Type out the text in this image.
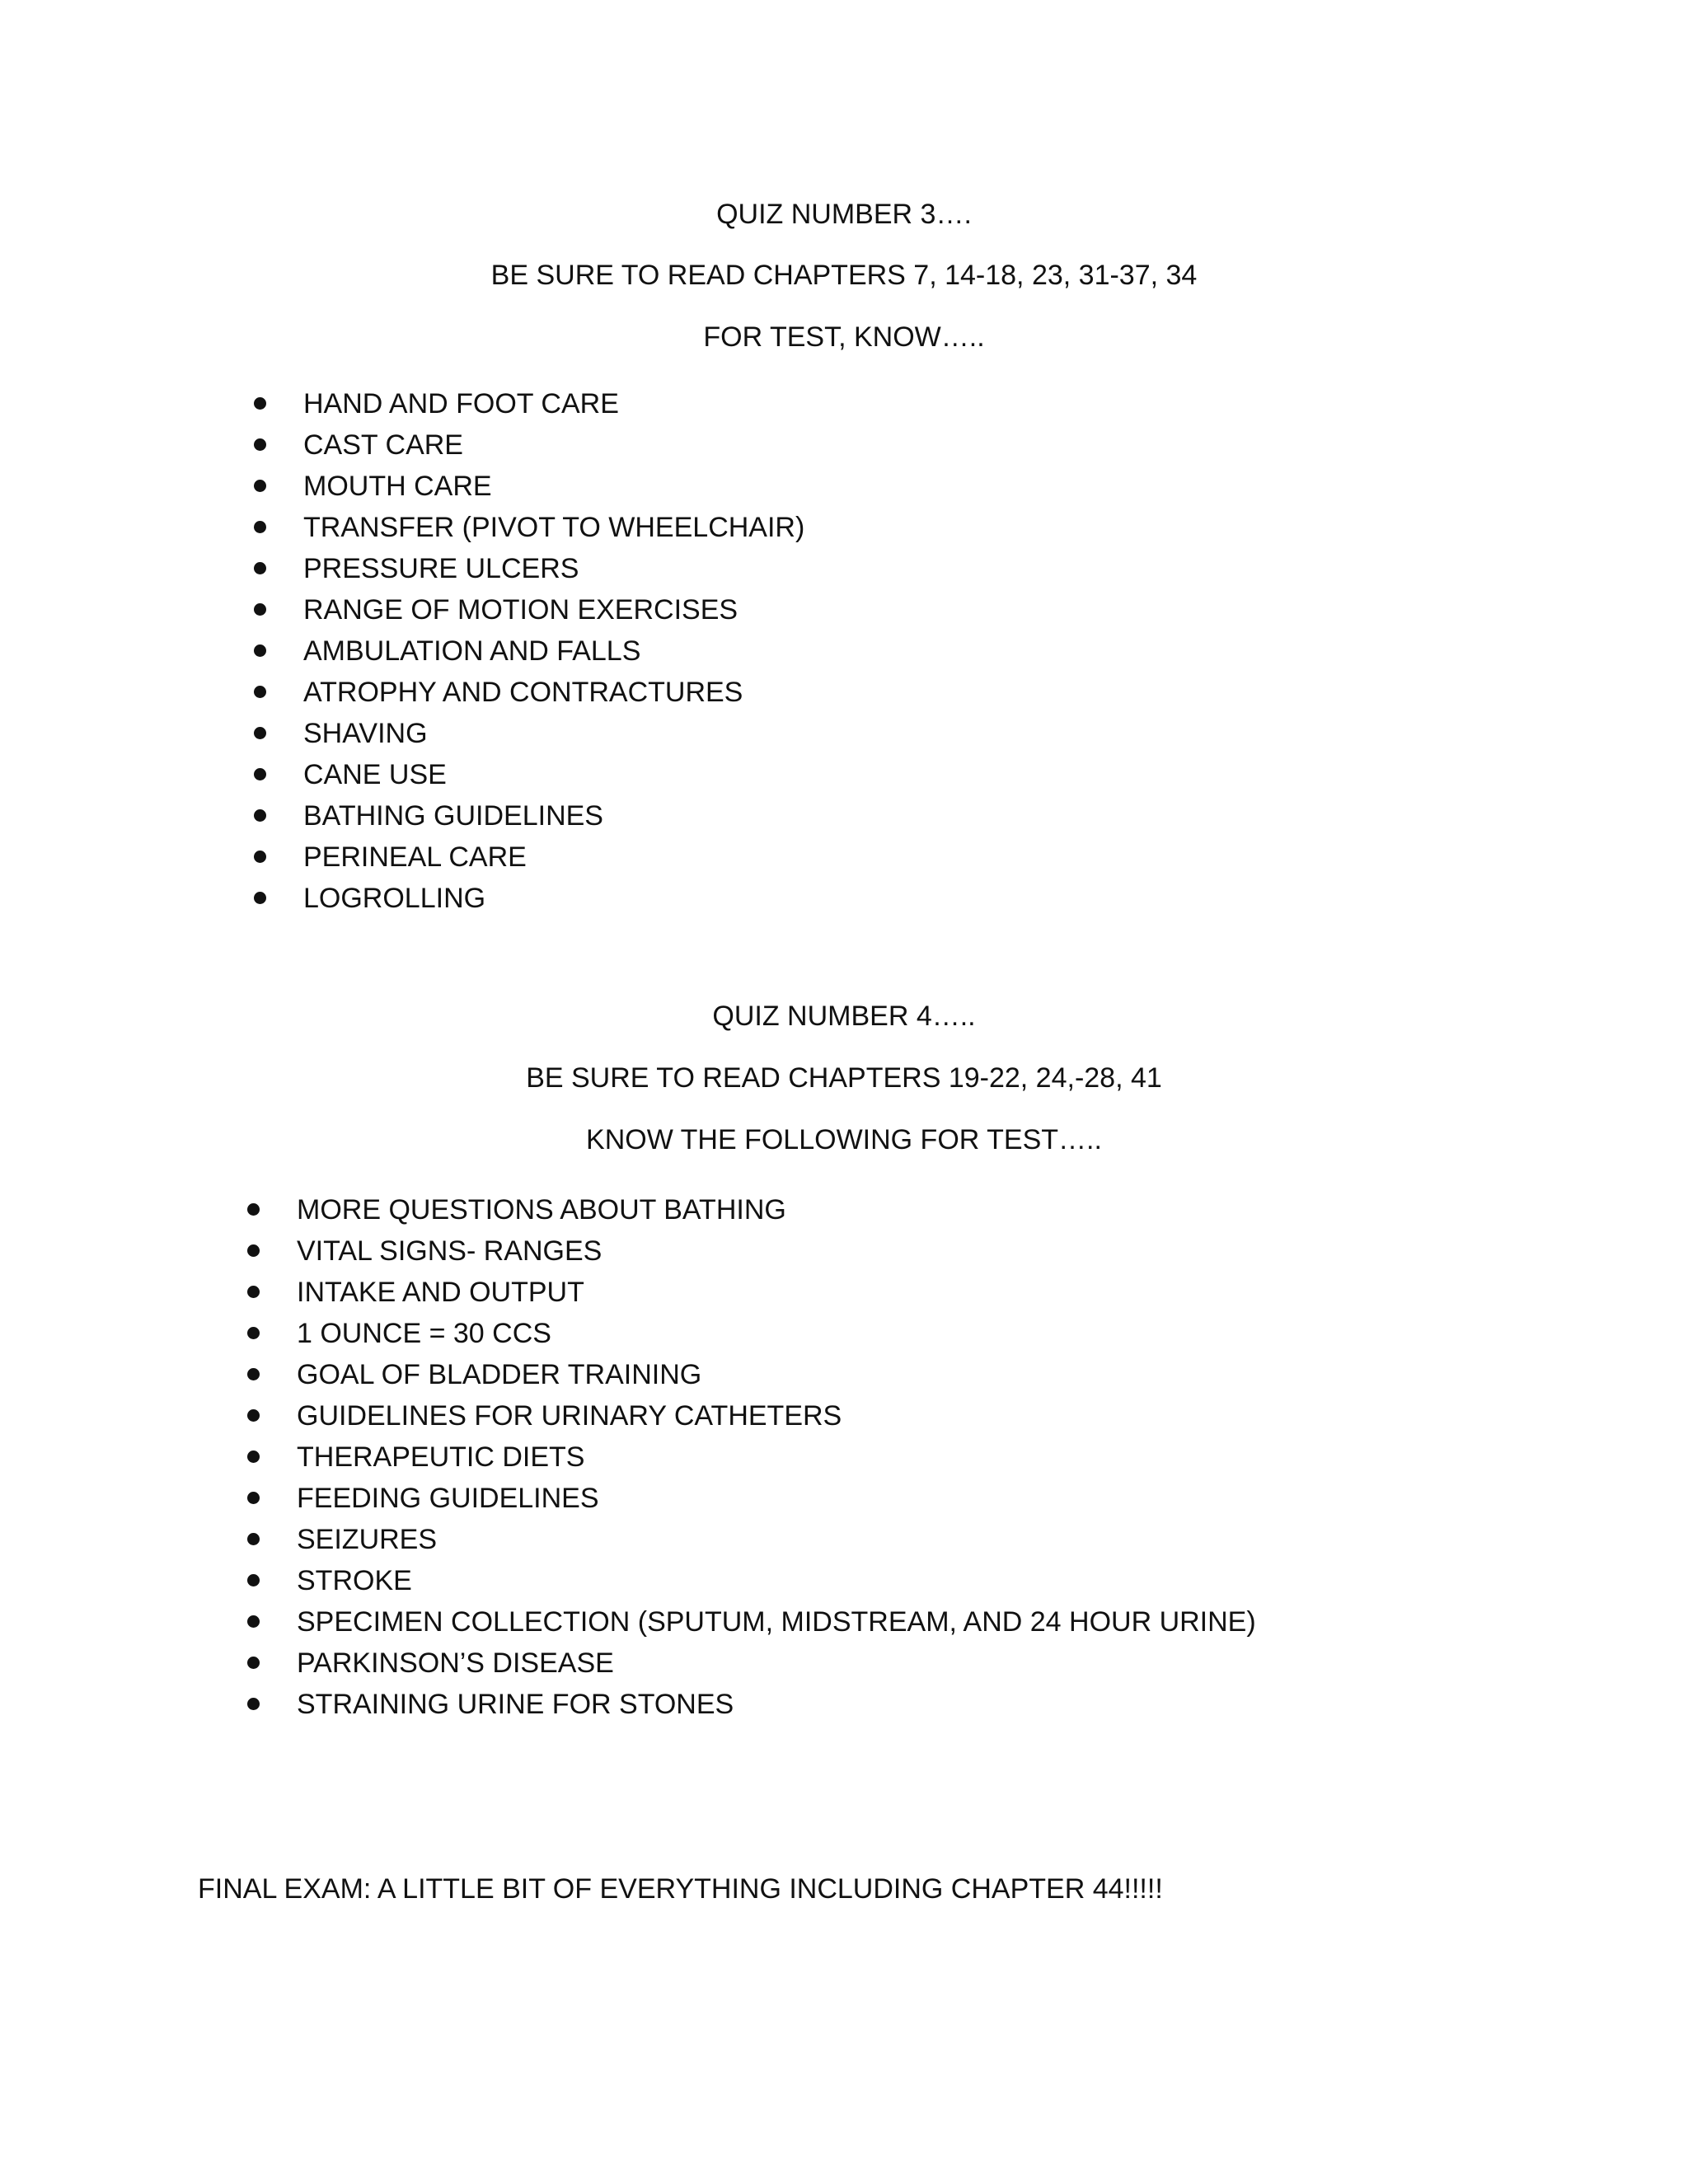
QUIZ NUMBER 3….
BE SURE TO READ CHAPTERS 7, 14-18, 23, 31-37, 34
FOR TEST, KNOW…..
HAND AND FOOT CARE
CAST CARE
MOUTH CARE
TRANSFER (PIVOT TO WHEELCHAIR)
PRESSURE ULCERS
RANGE OF MOTION EXERCISES
AMBULATION AND FALLS
ATROPHY AND CONTRACTURES
SHAVING
CANE USE
BATHING GUIDELINES
PERINEAL CARE
LOGROLLING
QUIZ NUMBER 4…..
BE SURE TO READ CHAPTERS 19-22, 24,-28, 41
KNOW THE FOLLOWING FOR TEST…..
MORE QUESTIONS ABOUT BATHING
VITAL SIGNS- RANGES
INTAKE AND OUTPUT
1 OUNCE = 30 CCS
GOAL OF BLADDER TRAINING
GUIDELINES FOR URINARY CATHETERS
THERAPEUTIC DIETS
FEEDING GUIDELINES
SEIZURES
STROKE
SPECIMEN COLLECTION (SPUTUM, MIDSTREAM, AND 24 HOUR URINE)
PARKINSON’S DISEASE
STRAINING URINE FOR STONES
FINAL EXAM: A LITTLE BIT OF EVERYTHING INCLUDING CHAPTER 44!!!!!
